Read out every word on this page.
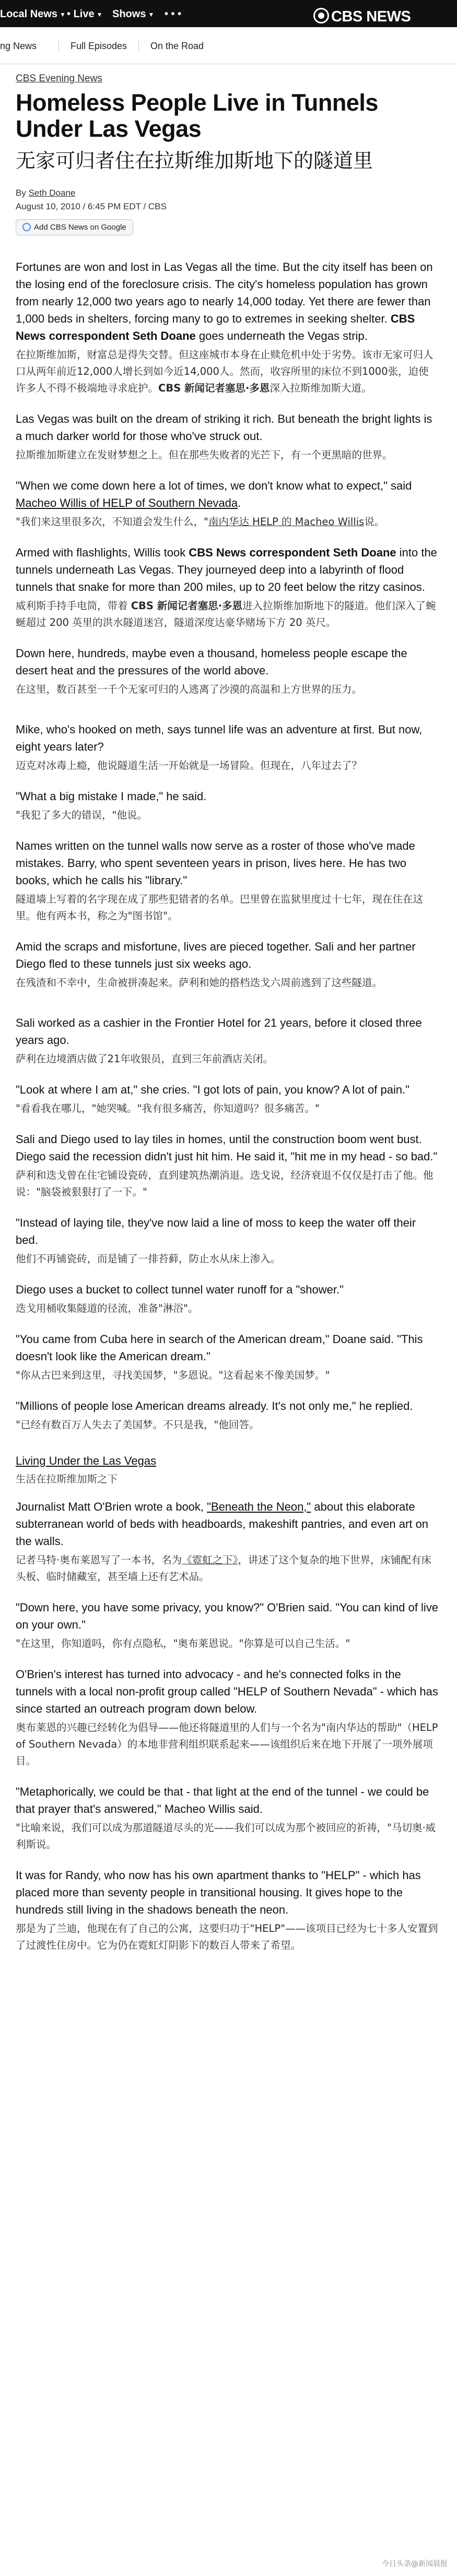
Local News ▼ • Live ▼ Shows ▼ • • •	CBS NEWS
ng News	Full Episodes On the Road
CBS Evening News
Homeless People Live in Tunnels Under Las Vegas
无家可归者住在拉斯维加斯地下的隧道里
By Seth Doane
August 10, 2010 / 6:45 PM EDT / CBS
Add CBS News on Google
Fortunes are won and lost in Las Vegas all the time. But the city itself has been on the losing end of the foreclosure crisis. The city's homeless population has grown from nearly 12,000 two years ago to nearly 14,000 today. Yet there are fewer than 1,000 beds in shelters, forcing many to go to extremes in seeking shelter. CBS News correspondent Seth Doane goes underneath the Vegas strip.
在拉斯维加斯，财富总是得失交替。但这座城市本身在止赎危机中处于劣势。该市无家可归人口从两年前近12,000人增长到如今近14,000人。然而，收容所里的床位不到1000张，迫使许多人不得不极端地寻求庇护。CBS 新闻记者塞思·多恩深入拉斯维加斯大道。
Las Vegas was built on the dream of striking it rich. But beneath the bright lights is a much darker world for those who've struck out.
拉斯维加斯建立在发财梦想之上。但在那些失败者的光芒下，有一个更黑暗的世界。
"When we come down here a lot of times, we don't know what to expect," said Macheo Willis of HELP of Southern Nevada.
"我们来这里很多次，不知道会发生什么，"南内华达 HELP 的 Macheo Willis说。
Armed with flashlights, Willis took CBS News correspondent Seth Doane into the tunnels underneath Las Vegas. They journeyed deep into a labyrinth of flood tunnels that snake for more than 200 miles, up to 20 feet below the ritzy casinos.
威利斯手持手电筒，带着 CBS 新闻记者塞思·多恩进入拉斯维加斯地下的隧道。他们深入了蜿蜒超过 200 英里的洪水隧道迷宫，隧道深度达豪华赌场下方 20 英尺。
Down here, hundreds, maybe even a thousand, homeless people escape the desert heat and the pressures of the world above.
在这里，数百甚至一千个无家可归的人逃离了沙漠的高温和上方世界的压力。
Mike, who's hooked on meth, says tunnel life was an adventure at first. But now, eight years later?
迈克对冰毒上瘾，他说隧道生活一开始就是一场冒险。但现在，八年过去了？
"What a big mistake I made," he said.
"我犯了多大的错误，"他说。
Names written on the tunnel walls now serve as a roster of those who've made mistakes. Barry, who spent seventeen years in prison, lives here. He has two books, which he calls his "library."
隧道墙上写着的名字现在成了那些犯错者的名单。巴里曾在监狱里度过十七年，现在住在这里。他有两本书，称之为"图书馆"。
Amid the scraps and misfortune, lives are pieced together. Sali and her partner Diego fled to these tunnels just six weeks ago.
在残渣和不幸中，生命被拼凑起来。萨利和她的搭档迭戈六周前逃到了这些隧道。
Sali worked as a cashier in the Frontier Hotel for 21 years, before it closed three years ago.
萨利在边境酒店做了21年收银员，直到三年前酒店关闭。
"Look at where I am at," she cries. "I got lots of pain, you know? A lot of pain."
"看看我在哪儿，"她哭喊。"我有很多痛苦，你知道吗？很多痛苦。"
Sali and Diego used to lay tiles in homes, until the construction boom went bust. Diego said the recession didn't just hit him. He said it, "hit me in my head - so bad."
萨利和迭戈曾在住宅铺设瓷砖，直到建筑热潮消退。迭戈说，经济衰退不仅仅是打击了他。他说："脑袋被狠狠打了一下。"
"Instead of laying tile, they've now laid a line of moss to keep the water off their bed.
他们不再铺瓷砖，而是铺了一排苔藓，防止水从床上渗入。
Diego uses a bucket to collect tunnel water runoff for a "shower."
迭戈用桶收集隧道的径流，准备"淋浴"。
"You came from Cuba here in search of the American dream," Doane said. "This doesn't look like the American dream."
"你从古巴来到这里，寻找美国梦，"多恩说。"这看起来不像美国梦。"
"Millions of people lose American dreams already. It's not only me," he replied.
"已经有数百万人失去了美国梦。不只是我，"他回答。
Living Under the Las Vegas
生活在拉斯维加斯之下
Journalist Matt O'Brien wrote a book, "Beneath the Neon," about this elaborate subterranean world of beds with headboards, makeshift pantries, and even art on the walls.
记者马特·奥布莱恩写了一本书，名为《霓虹之下》，讲述了这个复杂的地下世界，床铺配有床头板、临时储藏室，甚至墙上还有艺术品。
"Down here, you have some privacy, you know?" O'Brien said. "You can kind of live on your own."
"在这里，你知道吗，你有点隐私，"奥布莱恩说。"你算是可以自己生活。"
O'Brien's interest has turned into advocacy - and he's connected folks in the tunnels with a local non-profit group called "HELP of Southern Nevada" - which has since started an outreach program down below.
奥布莱恩的兴趣已经转化为倡导——他还将隧道里的人们与一个名为"南内华达的帮助"（HELP of Southern Nevada）的本地非营利组织联系起来——该组织后来在地下开展了一项外展项目。
"Metaphorically, we could be that - that light at the end of the tunnel - we could be that prayer that's answered," Macheo Willis said.
"比喻来说，我们可以成为那道隧道尽头的光——我们可以成为那个被回应的祈祷，"马切奥·威利斯说。
It was for Randy, who now has his own apartment thanks to "HELP" - which has placed more than seventy people in transitional housing. It gives hope to the hundreds still living in the shadows beneath the neon.
那是为了兰迪，他现在有了自己的公寓，这要归功于"HELP"——该项目已经为七十多人安置到了过渡性住房中。它为仍在霓虹灯阴影下的数百人带来了希望。
今日头条@新闻晨报
